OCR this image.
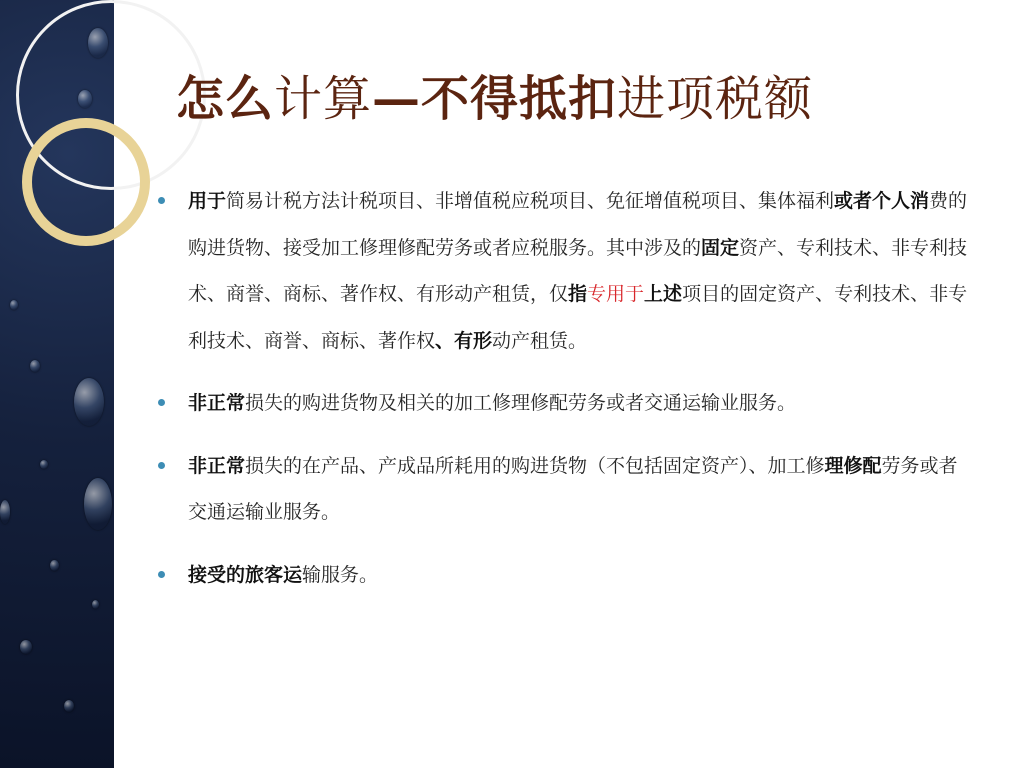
怎么计算—不得抵扣进项税额
用于简易计税方法计税项目、非增值税应税项目、免征增值税项目、集体福利或者个人消费的购进货物、接受加工修理修配劳务或者应税服务。其中涉及的固定资产、专利技术、非专利技术、商誉、商标、著作权、有形动产租赁，仅指专用于上述项目的固定资产、专利技术、非专利技术、商誉、商标、著作权、有形动产租赁。
非正常损失的购进货物及相关的加工修理修配劳务或者交通运输业服务。
非正常损失的在产品、产成品所耗用的购进货物（不包括固定资产）、加工修理修配劳务或者交通运输业服务。
接受的旅客运输服务。
